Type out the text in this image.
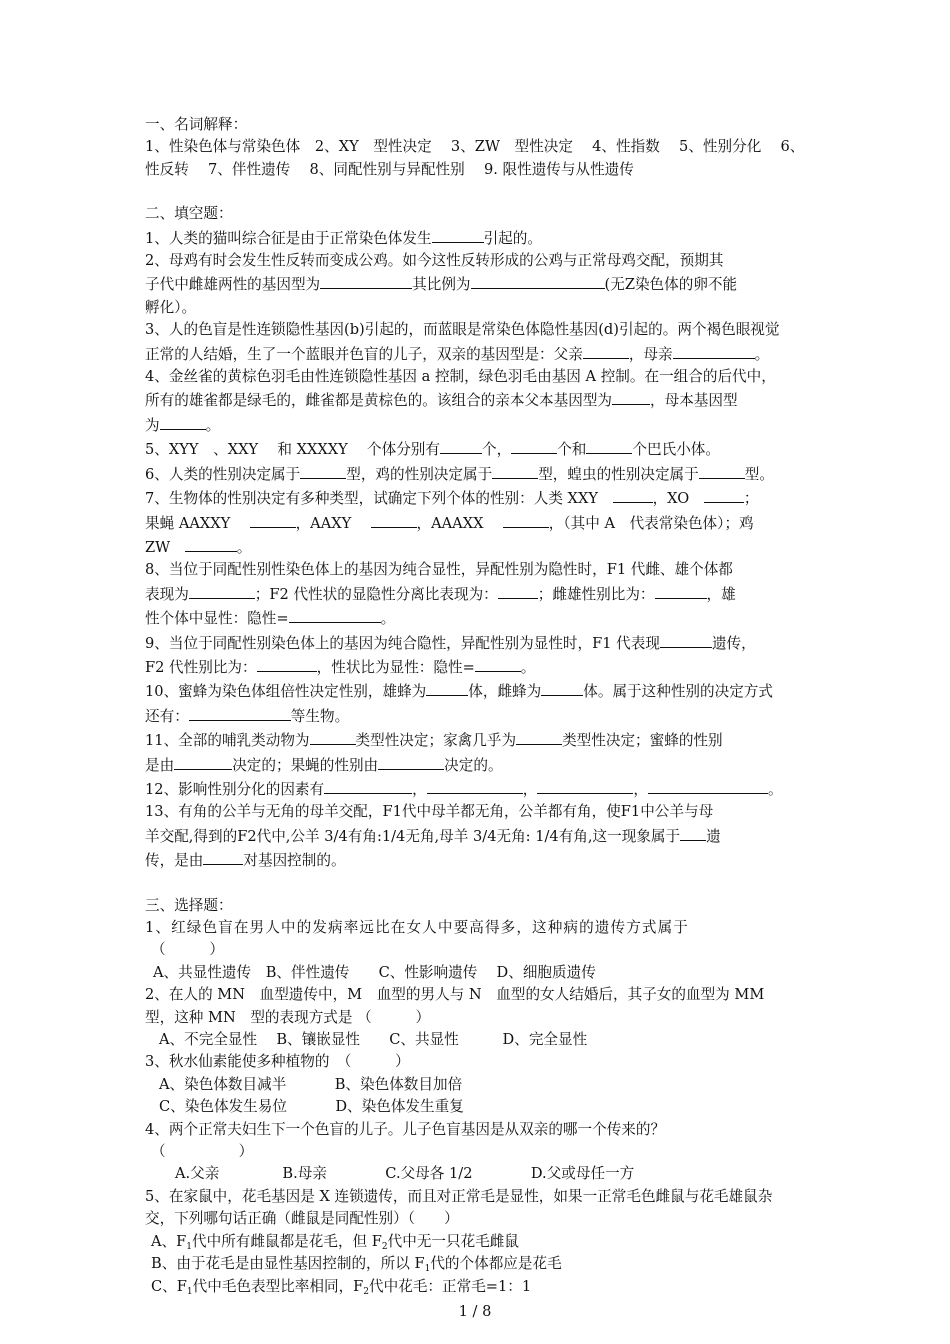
一、名词解释：
1、性染色体与常染色体　2、XY　型性决定　 3、ZW　型性决定　 4、性指数　 5、性别分化　 6、
性反转　 7、伴性遗传　 8、同配性别与异配性别　 9. 限性遗传与从性遗传
二、填空题：
1、人类的猫叫综合征是由于正常染色体发生	引起的。
2、母鸡有时会发生性反转而变成公鸡。如今这性反转形成的公鸡与正常母鸡交配，预期其
子代中雌雄两性的基因型为	其比例为	(无Z染色体的卵不能
孵化）。
3、人的色盲是性连锁隐性基因(b)引起的，而蓝眼是常染色体隐性基因(d)引起的。两个褐色眼视觉
正常的人结婚，生了一个蓝眼并色盲的儿子，双亲的基因型是：父亲	，母亲	。
4、金丝雀的黄棕色羽毛由性连锁隐性基因 a 控制，绿色羽毛由基因 A 控制。在一组合的后代中，
所有的雄雀都是绿毛的，雌雀都是黄棕色的。该组合的亲本父本基因型为	，母本基因型
为	。
5、XYY　、XXY　 和 XXXXY　 个体分别有	个，	个和	个巴氏小体。
6、人类的性别决定属于	型，鸡的性别决定属于	型，蝗虫的性别决定属于	型。
7、生物体的性别决定有多种类型，试确定下列个体的性别：人类 XXY　	，XO　	；
果蝇 AAXXY　	，AAXY　	，AAAXX　	，（其中 A　代表常染色体）；鸡
ZW　	。
8、当位于同配性别性染色体上的基因为纯合显性，异配性别为隐性时，F1 代雌、雄个体都
表现为	；F2 代性状的显隐性分离比表现为：	；雌雄性别比为：	，雄
性个体中显性：隐性=	。
9、当位于同配性别染色体上的基因为纯合隐性，异配性别为显性时，F1 代表现	遗传，
F2 代性别比为：	，性状比为显性：隐性=	。
10、蜜蜂为染色体组倍性决定性别，雄蜂为	体，雌蜂为	体。属于这种性别的决定方式
还有：	等生物。
11、全部的哺乳类动物为	类型性决定；家禽几乎为	类型性决定；蜜蜂的性别
是由	决定的；果蝇的性别由	决定的。
12、影响性别分化的因素有	，	，	，	。
13、有角的公羊与无角的母羊交配，F1代中母羊都无角，公羊都有角，使F1中公羊与母
羊交配,得到的F2代中,公羊 3/4有角:1/4无角,母羊 3/4无角: 1/4有角,这一现象属于 遗
传，是由	对基因控制的。
三、选择题：
1、红绿色盲在男人中的发病率远比在女人中要高得多，这种病的遗传方式属于
（　　　）
A、共显性遗传　B、伴性遗传　　C、性影响遗传　 D、细胞质遗传
2、在人的 MN　血型遗传中，M　血型的男人与 N　血型的女人结婚后，其子女的血型为 MM
型，这种 MN　型的表现方式是 （　　　）
A、不完全显性　 B、镶嵌显性　　C、共显性　　　D、完全显性
3、秋水仙素能使多种植物的　（　　　）
A、染色体数目减半　　　 B、染色体数目加倍
C、染色体发生易位　　　 D、染色体发生重复
4、两个正常夫妇生下一个色盲的儿子。儿子色盲基因是从双亲的哪一个传来的？
（　　　　　）
A.父亲　　　　 B.母亲　　　　C.父母各 1/2　　　　D.父或母任一方
5、在家鼠中，花毛基因是 X 连锁遗传，而且对正常毛是显性，如果一正常毛色雌鼠与花毛雄鼠杂
交，下列哪句话正确（雌鼠是同配性别）（　　）
A、$F_1$代中所有雌鼠都是花毛，但 $F_2$代中无一只花毛雌鼠
B、由于花毛是由显性基因控制的，所以 $F_1$代的个体都应是花毛
C、$F_1$代中毛色表型比率相同，$F_2$代中花毛：正常毛=1：1
1 / 8
